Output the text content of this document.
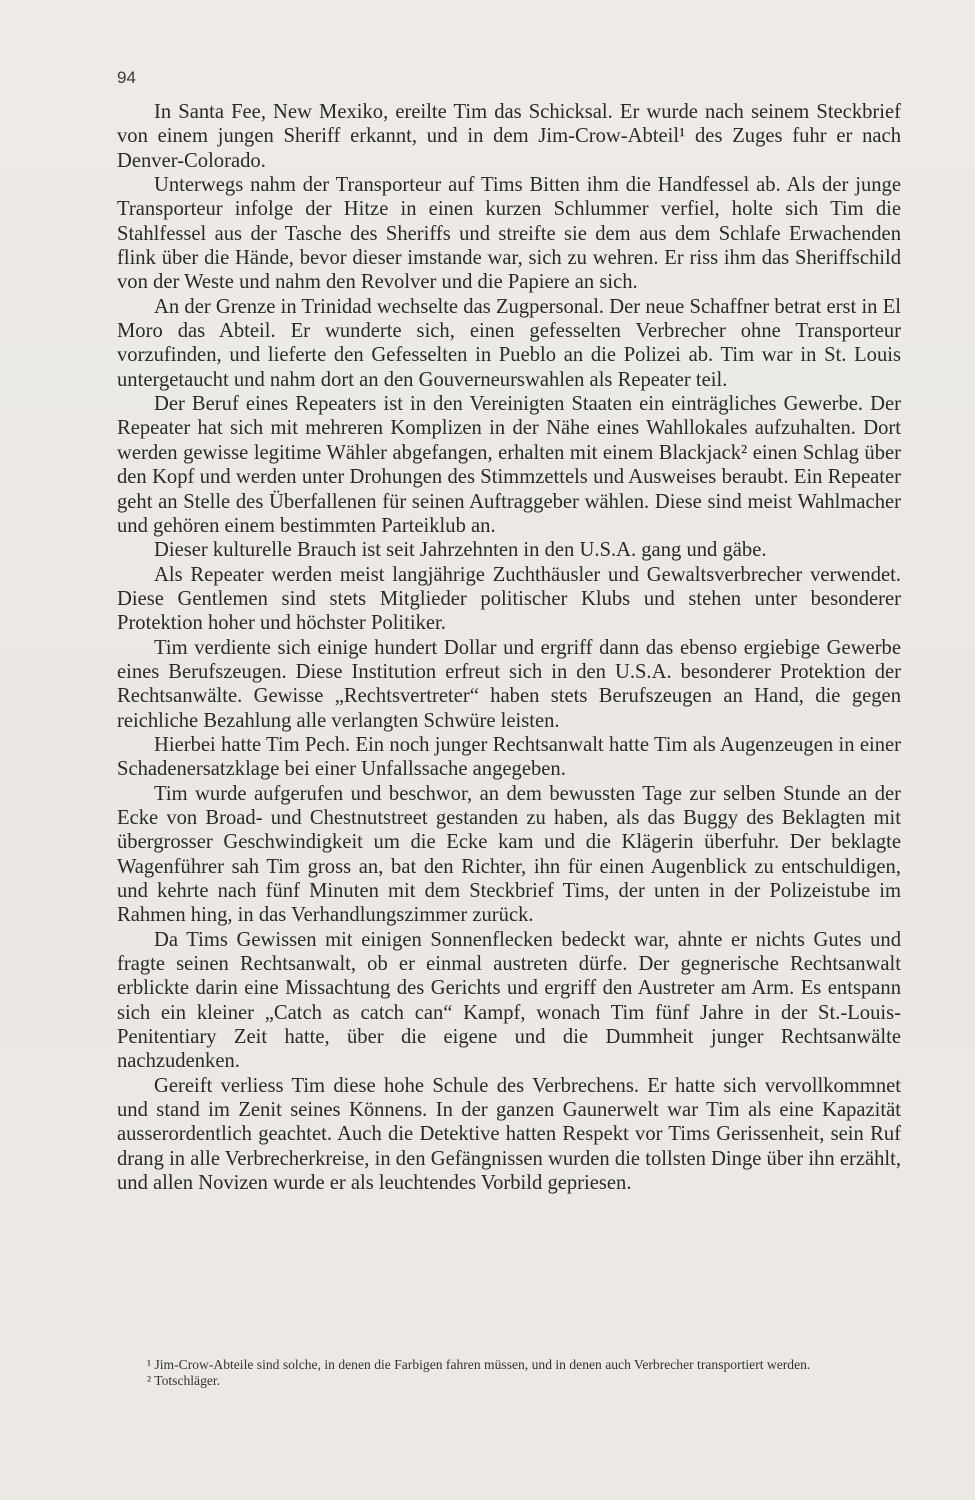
94

In Santa Fee, New Mexiko, ereilte Tim das Schicksal. Er wurde nach seinem Steckbrief von einem jungen Sheriff erkannt, und in dem Jim-Crow-Abteil¹ des Zuges fuhr er nach Denver-Colorado.

Unterwegs nahm der Transporteur auf Tims Bitten ihm die Handfessel ab. Als der junge Transporteur infolge der Hitze in einen kurzen Schlummer verfiel, holte sich Tim die Stahlfessel aus der Tasche des Sheriffs und streifte sie dem aus dem Schlafe Erwachenden flink über die Hände, bevor dieser imstande war, sich zu wehren. Er riss ihm das Sheriffschild von der Weste und nahm den Revolver und die Papiere an sich.

An der Grenze in Trinidad wechselte das Zugpersonal. Der neue Schaffner betrat erst in El Moro das Abteil. Er wunderte sich, einen gefesselten Verbrecher ohne Transporteur vorzufinden, und lieferte den Gefesselten in Pueblo an die Polizei ab. Tim war in St. Louis untergetaucht und nahm dort an den Gouverneurswahlen als Repeater teil.

Der Beruf eines Repeaters ist in den Vereinigten Staaten ein einträgliches Gewerbe. Der Repeater hat sich mit mehreren Komplizen in der Nähe eines Wahllokales aufzuhalten. Dort werden gewisse legitime Wähler abgefangen, erhalten mit einem Blackjack² einen Schlag über den Kopf und werden unter Drohungen des Stimmzettels und Ausweises beraubt. Ein Repeater geht an Stelle des Überfallenen für seinen Auftraggeber wählen. Diese sind meist Wahlmacher und gehören einem bestimmten Parteiklub an.

Dieser kulturelle Brauch ist seit Jahrzehnten in den U.S.A. gang und gäbe.

Als Repeater werden meist langjährige Zuchthäusler und Gewaltsverbrecher verwendet. Diese Gentlemen sind stets Mitglieder politischer Klubs und stehen unter besonderer Protektion hoher und höchster Politiker.

Tim verdiente sich einige hundert Dollar und ergriff dann das ebenso ergiebige Gewerbe eines Berufszeugen. Diese Institution erfreut sich in den U.S.A. besonderer Protektion der Rechtsanwälte. Gewisse „Rechtsvertreter“ haben stets Berufszeugen an Hand, die gegen reichliche Bezahlung alle verlangten Schwüre leisten.

Hierbei hatte Tim Pech. Ein noch junger Rechtsanwalt hatte Tim als Augenzeugen in einer Schadenersatzklage bei einer Unfallssache angegeben.

Tim wurde aufgerufen und beschwor, an dem bewussten Tage zur selben Stunde an der Ecke von Broad- und Chestnutstreet gestanden zu haben, als das Buggy des Beklagten mit übergrosser Geschwindigkeit um die Ecke kam und die Klägerin überfuhr. Der beklagte Wagenführer sah Tim gross an, bat den Richter, ihn für einen Augenblick zu entschuldigen, und kehrte nach fünf Minuten mit dem Steckbrief Tims, der unten in der Polizeistube im Rahmen hing, in das Verhandlungszimmer zurück.

Da Tims Gewissen mit einigen Sonnenflecken bedeckt war, ahnte er nichts Gutes und fragte seinen Rechtsanwalt, ob er einmal austreten dürfe. Der gegnerische Rechtsanwalt erblickte darin eine Missachtung des Gerichts und ergriff den Austreter am Arm. Es entspann sich ein kleiner „Catch as catch can“ Kampf, wonach Tim fünf Jahre in der St.-Louis-Penitentiary Zeit hatte, über die eigene und die Dummheit junger Rechtsanwälte nachzudenken.

Gereift verliess Tim diese hohe Schule des Verbrechens. Er hatte sich vervollkommnet und stand im Zenit seines Könnens. In der ganzen Gaunerwelt war Tim als eine Kapazität ausserordentlich geachtet. Auch die Detektive hatten Respekt vor Tims Gerissenheit, sein Ruf drang in alle Verbrecherkreise, in den Gefängnissen wurden die tollsten Dinge über ihn erzählt, und allen Novizen wurde er als leuchtendes Vorbild gepriesen.

¹ Jim-Crow-Abteile sind solche, in denen die Farbigen fahren müssen, und in denen auch Verbrecher transportiert werden.

² Totschläger.
